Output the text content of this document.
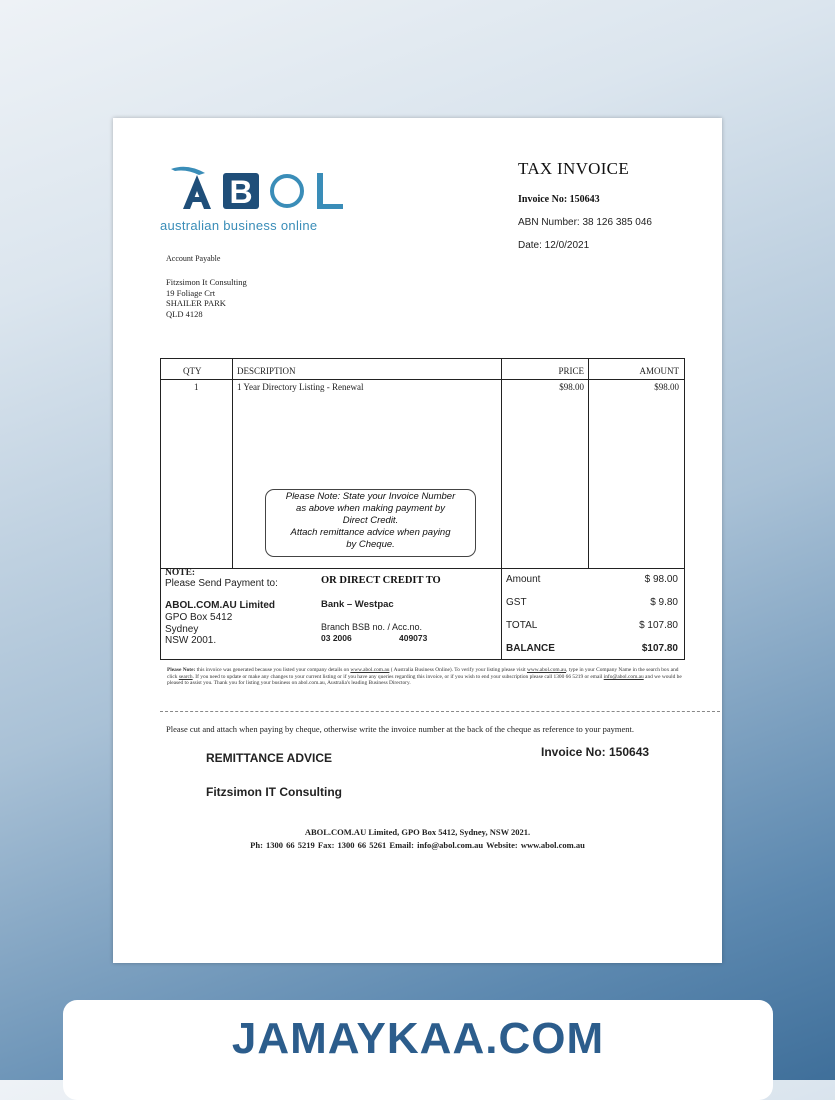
B
australian business online
TAX INVOICE
Invoice No: 150643
ABN Number: 38 126 385 046
Date: 12/0/2021
Account Payable
Fitzsimon It Consulting
19 Foliage Crt
SHAILER PARK
QLD 4128
QTY	DESCRIPTION	PRICE	AMOUNT
1	1 Year Directory Listing - Renewal	$98.00	$98.00
Please Note: State your Invoice Number
as above when making payment by
Direct Credit.
Attach remittance advice when paying
by Cheque.
NOTE:
Please Send Payment to:
ABOL.COM.AU Limited
GPO Box 5412
Sydney
NSW 2001.
OR DIRECT CREDIT TO
Bank – Westpac
Branch BSB no. / Acc.no.
03 2006	409073
Amount	$ 98.00
GST	$ 9.80
TOTAL	$ 107.80
BALANCE	$107.80
Please Note: this invoice was generated because you listed your company details on www.abol.com.au ( Australia Business Online). To verify your listing please visit www.abol.com.au, type in your Company Name in the search box and click search. If you need to update or make any changes to your current listing or if you have any queries regarding this invoice, or if you wish to end your subscription please call 1300 66 5219 or email info@abol.com.au and we would be pleased to assist you. Thank you for listing your business on abol.com.au, Australia's leading Business Directory.
Please cut and attach when paying by cheque, otherwise write the invoice number at the back of the cheque as reference to your payment.
REMITTANCE ADVICE	Invoice No: 150643
Fitzsimon IT Consulting
ABOL.COM.AU Limited, GPO Box 5412, Sydney, NSW 2021.
Ph: 1300 66 5219 Fax: 1300 66 5261 Email: info@abol.com.au Website: www.abol.com.au
JAMAYKAA.COM
